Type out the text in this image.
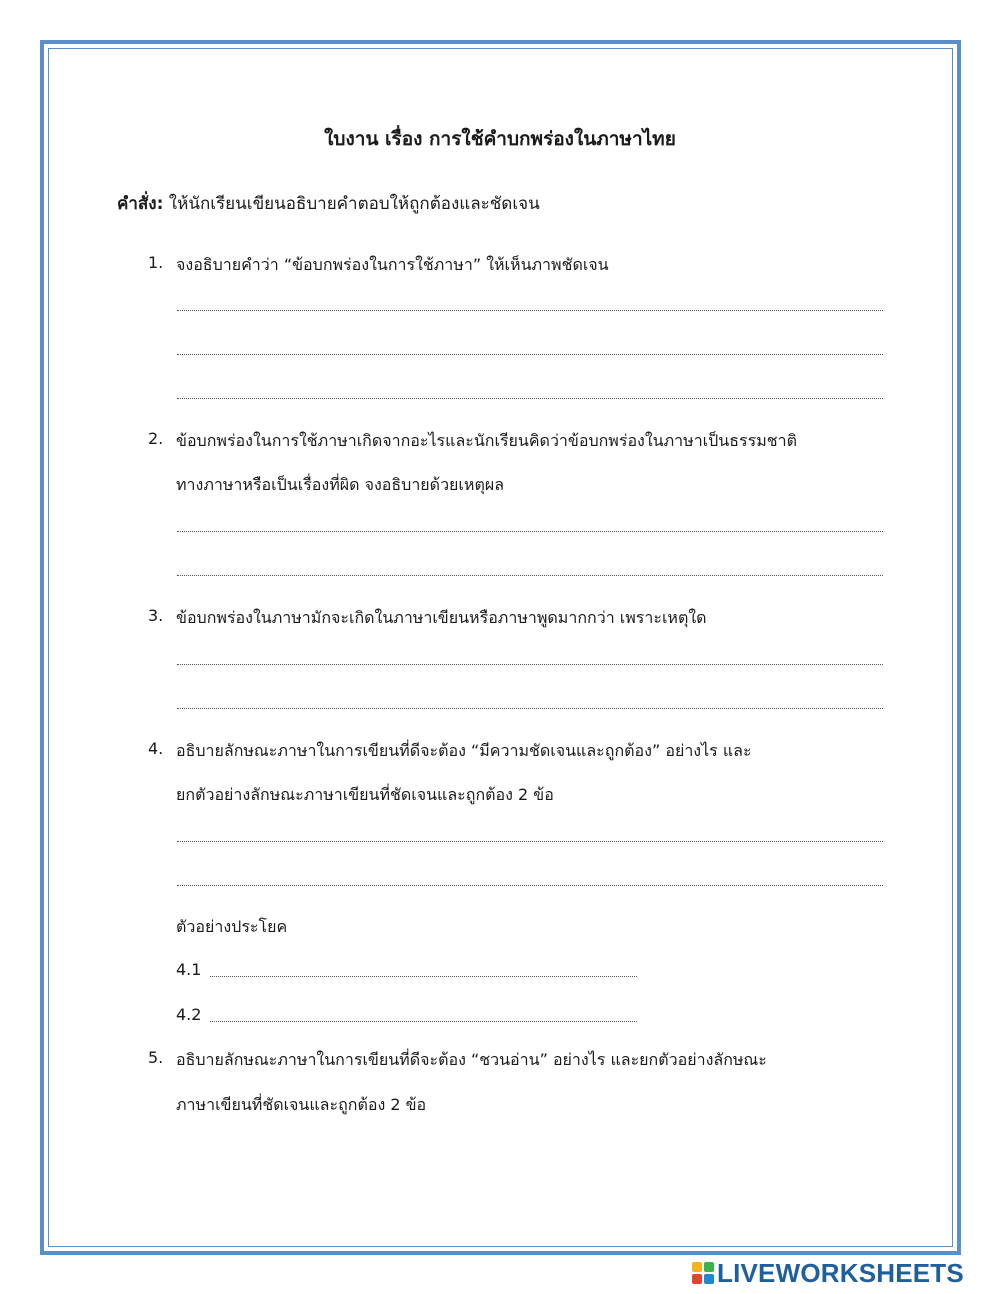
ใบงาน เรื่อง การใช้คำบกพร่องในภาษาไทย
คำสั่ง: ให้นักเรียนเขียนอธิบายคำตอบให้ถูกต้องและชัดเจน
1. จงอธิบายคำว่า “ข้อบกพร่องในการใช้ภาษา” ให้เห็นภาพชัดเจน
2. ข้อบกพร่องในการใช้ภาษาเกิดจากอะไรและนักเรียนคิดว่าข้อบกพร่องในภาษาเป็นธรรมชาติ
ทางภาษาหรือเป็นเรื่องที่ผิด จงอธิบายด้วยเหตุผล
3. ข้อบกพร่องในภาษามักจะเกิดในภาษาเขียนหรือภาษาพูดมากกว่า เพราะเหตุใด
4. อธิบายลักษณะภาษาในการเขียนที่ดีจะต้อง “มีความชัดเจนและถูกต้อง” อย่างไร และ
ยกตัวอย่างลักษณะภาษาเขียนที่ชัดเจนและถูกต้อง 2 ข้อ
ตัวอย่างประโยค
4.1
4.2
5. อธิบายลักษณะภาษาในการเขียนที่ดีจะต้อง “ชวนอ่าน” อย่างไร และยกตัวอย่างลักษณะ
ภาษาเขียนที่ชัดเจนและถูกต้อง 2 ข้อ
LIVEWORKSHEETS
